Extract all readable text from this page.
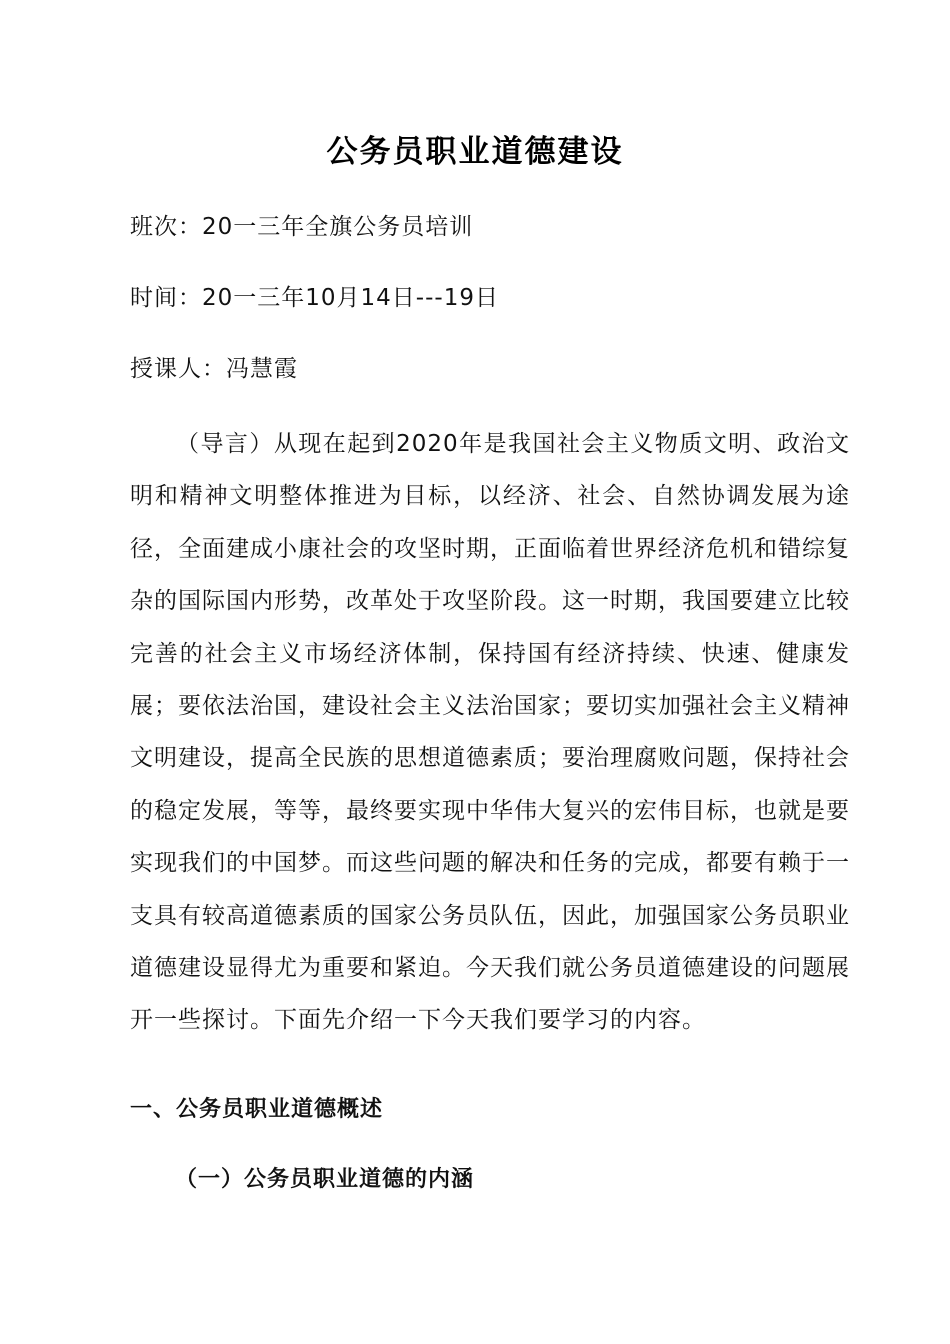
公务员职业道德建设
班次：20一三年全旗公务员培训
时间：20一三年10月14日---19日
授课人：冯慧霞

（导言）从现在起到2020年是我国社会主义物质文明、政治文明和精神文明整体推进为目标，以经济、社会、自然协调发展为途径，全面建成小康社会的攻坚时期，正面临着世界经济危机和错综复杂的国际国内形势，改革处于攻坚阶段。这一时期，我国要建立比较完善的社会主义市场经济体制，保持国有经济持续、快速、健康发展；要依法治国，建设社会主义法治国家；要切实加强社会主义精神文明建设，提高全民族的思想道德素质；要治理腐败问题，保持社会的稳定发展，等等，最终要实现中华伟大复兴的宏伟目标，也就是要实现我们的中国梦。而这些问题的解决和任务的完成，都要有赖于一支具有较高道德素质的国家公务员队伍，因此，加强国家公务员职业道德建设显得尤为重要和紧迫。今天我们就公务员道德建设的问题展开一些探讨。下面先介绍一下今天我们要学习的内容。

一、公务员职业道德概述
（一）公务员职业道德的内涵
